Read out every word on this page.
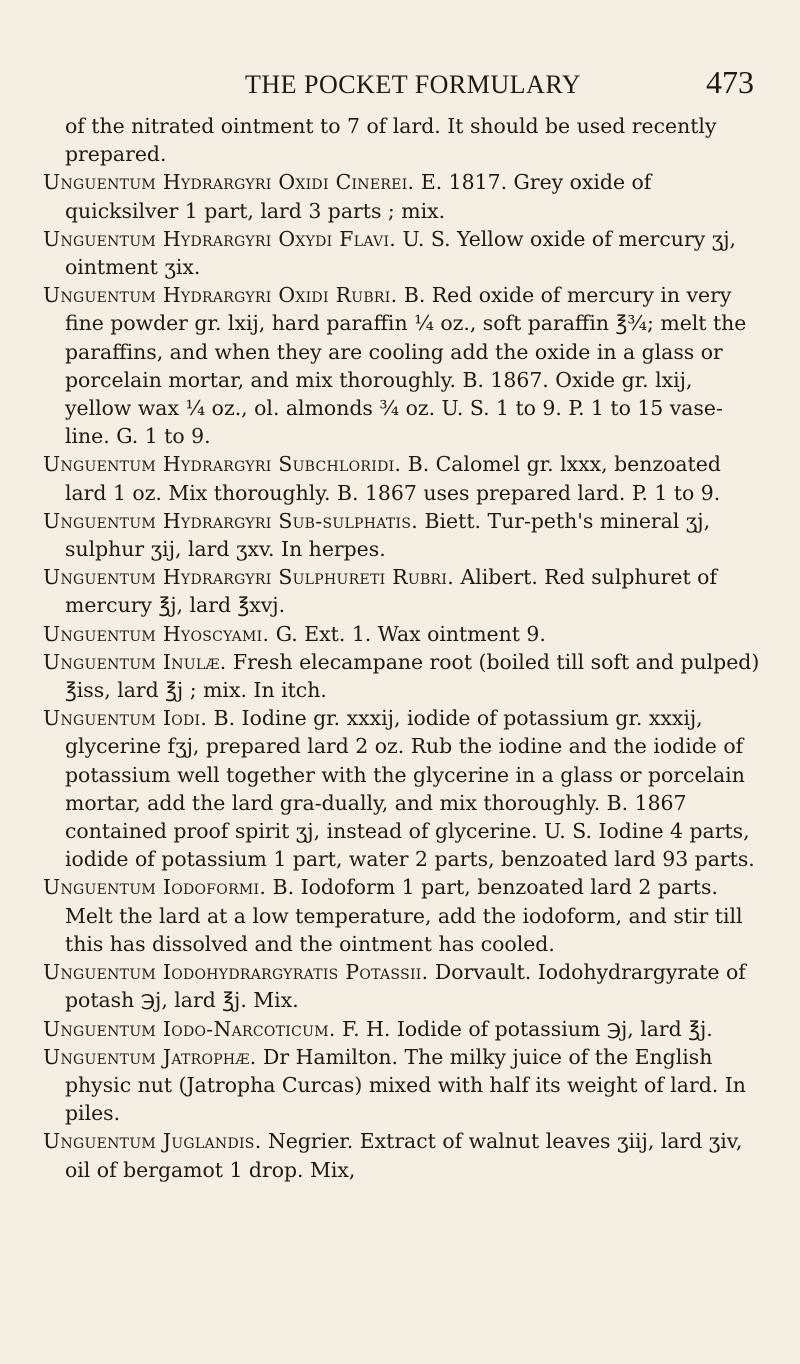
THE POCKET FORMULARY	473

of the nitrated ointment to 7 of lard. It should be used recently prepared.

Unguentum Hydrargyri Oxidi Cinerei. E. 1817. Grey oxide of quicksilver 1 part, lard 3 parts ; mix.

Unguentum Hydrargyri Oxydi Flavi. U. S. Yellow oxide of mercury ʒj, ointment ʒix.

Unguentum Hydrargyri Oxidi Rubri. B. Red oxide of mercury in very fine powder gr. lxij, hard paraffin ¼ oz., soft paraffin ℥¾; melt the paraffins, and when they are cooling add the oxide in a glass or porcelain mortar, and mix thoroughly. B. 1867. Oxide gr. lxij, yellow wax ¼ oz., ol. almonds ¾ oz. U. S. 1 to 9. P. 1 to 15 vase-line. G. 1 to 9.

Unguentum Hydrargyri Subchloridi. B. Calomel gr. lxxx, benzoated lard 1 oz. Mix thoroughly. B. 1867 uses prepared lard. P. 1 to 9.

Unguentum Hydrargyri Sub-sulphatis. Biett. Tur-peth's mineral ʒj, sulphur ʒij, lard ʒxv. In herpes.

Unguentum Hydrargyri Sulphureti Rubri. Alibert. Red sulphuret of mercury ℥j, lard ℥xvj.

Unguentum Hyoscyami. G. Ext. 1. Wax ointment 9.

Unguentum Inulæ. Fresh elecampane root (boiled till soft and pulped) ℥iss, lard ℥j ; mix. In itch.

Unguentum Iodi. B. Iodine gr. xxxij, iodide of potassium gr. xxxij, glycerine fʒj, prepared lard 2 oz. Rub the iodine and the iodide of potassium well together with the glycerine in a glass or porcelain mortar, add the lard gra-dually, and mix thoroughly. B. 1867 contained proof spirit ʒj, instead of glycerine. U. S. Iodine 4 parts, iodide of potassium 1 part, water 2 parts, benzoated lard 93 parts.

Unguentum Iodoformi. B. Iodoform 1 part, benzoated lard 2 parts. Melt the lard at a low temperature, add the iodoform, and stir till this has dissolved and the ointment has cooled.

Unguentum Iodohydrargyratis Potassii. Dorvault. Iodohydrargyrate of potash ℈j, lard ℥j. Mix.

Unguentum Iodo-Narcoticum. F. H. Iodide of potassium ℈j, lard ℥j.

Unguentum Jatrophæ. Dr Hamilton. The milky juice of the English physic nut (Jatropha Curcas) mixed with half its weight of lard. In piles.

Unguentum Juglandis. Negrier. Extract of walnut leaves ʒiij, lard ʒiv, oil of bergamot 1 drop. Mix,
